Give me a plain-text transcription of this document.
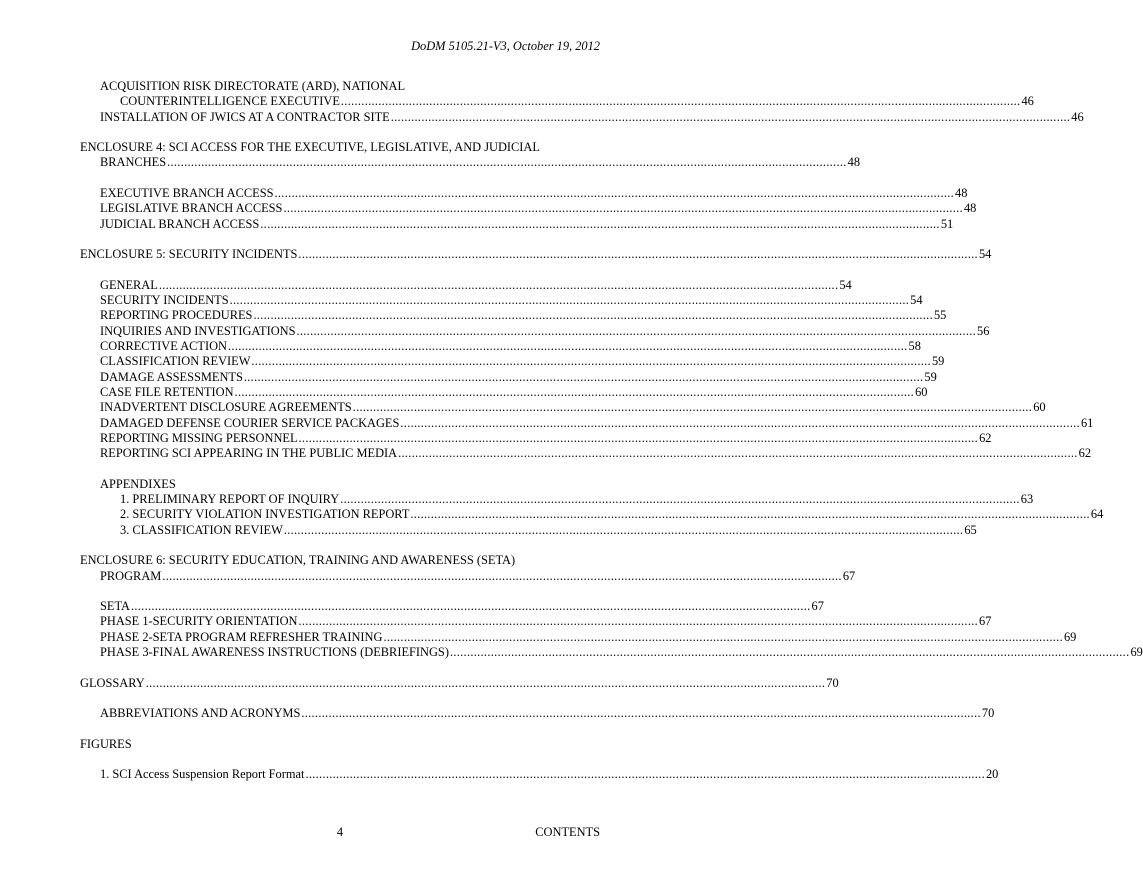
DoDM 5105.21-V3, October 19, 2012
ACQUISITION RISK DIRECTORATE (ARD), NATIONAL
COUNTERINTELLIGENCE EXECUTIVE ........................................................................................................................................................................................................ 46
INSTALLATION OF JWICS AT A CONTRACTOR SITE ........................................................................................................................................................................................................ 46
ENCLOSURE 4: SCI ACCESS FOR THE EXECUTIVE, LEGISLATIVE, AND JUDICIAL
BRANCHES ........................................................................................................................................................................................................ 48
EXECUTIVE BRANCH ACCESS ........................................................................................................................................................................................................ 48
LEGISLATIVE BRANCH ACCESS ........................................................................................................................................................................................................ 48
JUDICIAL BRANCH ACCESS ........................................................................................................................................................................................................ 51
ENCLOSURE 5: SECURITY INCIDENTS ........................................................................................................................................................................................................ 54
GENERAL ........................................................................................................................................................................................................ 54
SECURITY INCIDENTS ........................................................................................................................................................................................................ 54
REPORTING PROCEDURES ........................................................................................................................................................................................................ 55
INQUIRIES AND INVESTIGATIONS ........................................................................................................................................................................................................ 56
CORRECTIVE ACTION ........................................................................................................................................................................................................ 58
CLASSIFICATION REVIEW ........................................................................................................................................................................................................ 59
DAMAGE ASSESSMENTS ........................................................................................................................................................................................................ 59
CASE FILE RETENTION ........................................................................................................................................................................................................ 60
INADVERTENT DISCLOSURE AGREEMENTS ........................................................................................................................................................................................................ 60
DAMAGED DEFENSE COURIER SERVICE PACKAGES ........................................................................................................................................................................................................ 61
REPORTING MISSING PERSONNEL ........................................................................................................................................................................................................ 62
REPORTING SCI APPEARING IN THE PUBLIC MEDIA ........................................................................................................................................................................................................ 62
APPENDIXES
1. PRELIMINARY REPORT OF INQUIRY ........................................................................................................................................................................................................ 63
2. SECURITY VIOLATION INVESTIGATION REPORT ........................................................................................................................................................................................................ 64
3. CLASSIFICATION REVIEW ........................................................................................................................................................................................................ 65
ENCLOSURE 6: SECURITY EDUCATION, TRAINING AND AWARENESS (SETA)
PROGRAM ........................................................................................................................................................................................................ 67
SETA ........................................................................................................................................................................................................ 67
PHASE 1-SECURITY ORIENTATION ........................................................................................................................................................................................................ 67
PHASE 2-SETA PROGRAM REFRESHER TRAINING ........................................................................................................................................................................................................ 69
PHASE 3-FINAL AWARENESS INSTRUCTIONS (DEBRIEFINGS) ........................................................................................................................................................................................................ 69
GLOSSARY ........................................................................................................................................................................................................ 70
ABBREVIATIONS AND ACRONYMS ........................................................................................................................................................................................................ 70
FIGURES
1. SCI Access Suspension Report Format ........................................................................................................................................................................................................ 20
4	CONTENTS
